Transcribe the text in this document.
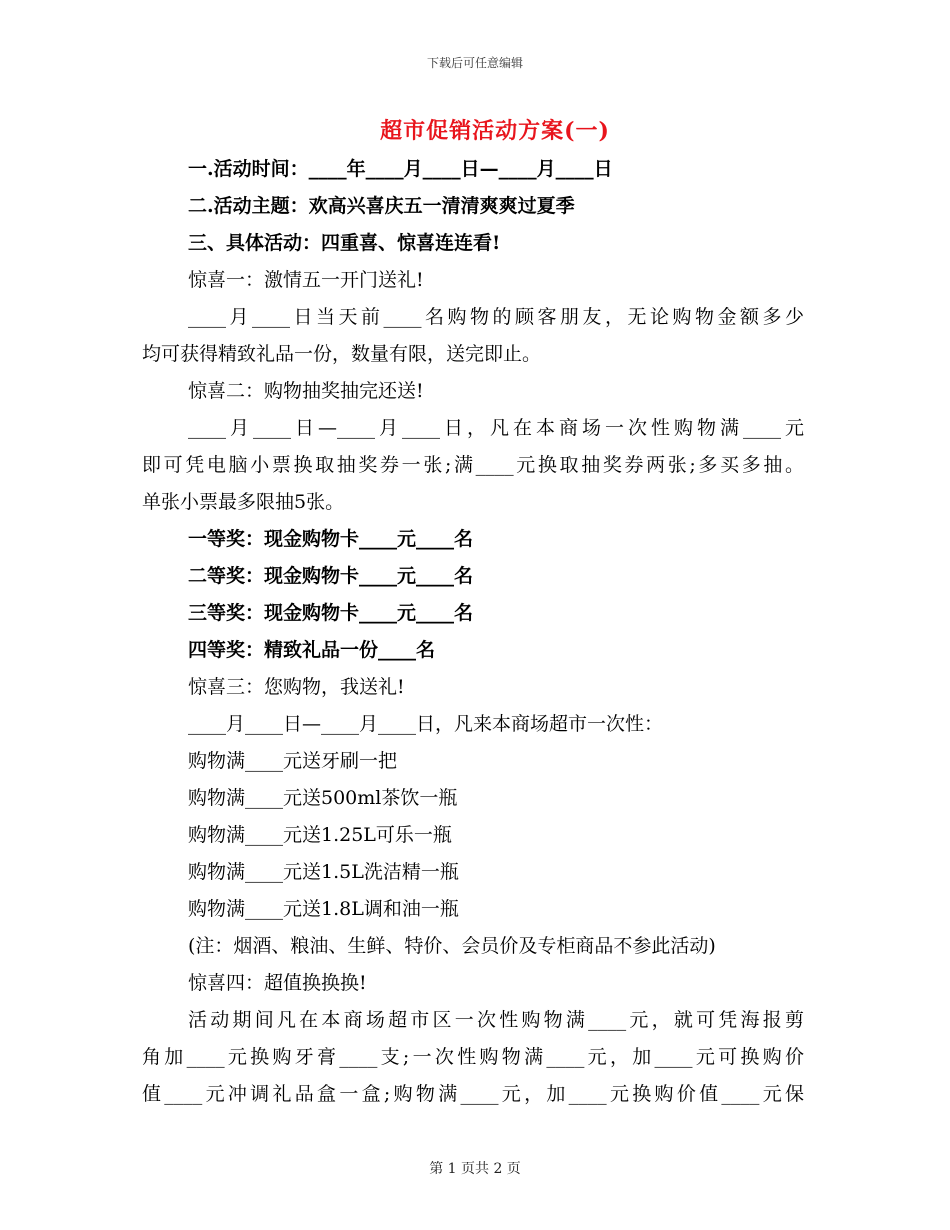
下载后可任意编辑
超市促销活动方案(一)
一.活动时间：____年____月____日—____月____日
二.活动主题：欢高兴喜庆五一清清爽爽过夏季
三、具体活动：四重喜、惊喜连连看!
惊喜一：激情五一开门送礼!
____月____日当天前____名购物的顾客朋友，无论购物金额多少
均可获得精致礼品一份，数量有限，送完即止。
惊喜二：购物抽奖抽完还送!
____月____日—____月____日，凡在本商场一次性购物满____元
即可凭电脑小票换取抽奖券一张;满____元换取抽奖券两张;多买多抽。
单张小票最多限抽5张。
一等奖：现金购物卡____元____名
二等奖：现金购物卡____元____名
三等奖：现金购物卡____元____名
四等奖：精致礼品一份____名
惊喜三：您购物，我送礼!
____月____日—____月____日，凡来本商场超市一次性：
购物满____元送牙刷一把
购物满____元送500ml茶饮一瓶
购物满____元送1.25L可乐一瓶
购物满____元送1.5L洗洁精一瓶
购物满____元送1.8L调和油一瓶
(注：烟酒、粮油、生鲜、特价、会员价及专柜商品不参此活动)
惊喜四：超值换换换!
活动期间凡在本商场超市区一次性购物满____元，就可凭海报剪
角加____元换购牙膏____支;一次性购物满____元，加____元可换购价
值____元冲调礼品盒一盒;购物满____元，加____元换购价值____元保
第 1 页共 2 页
